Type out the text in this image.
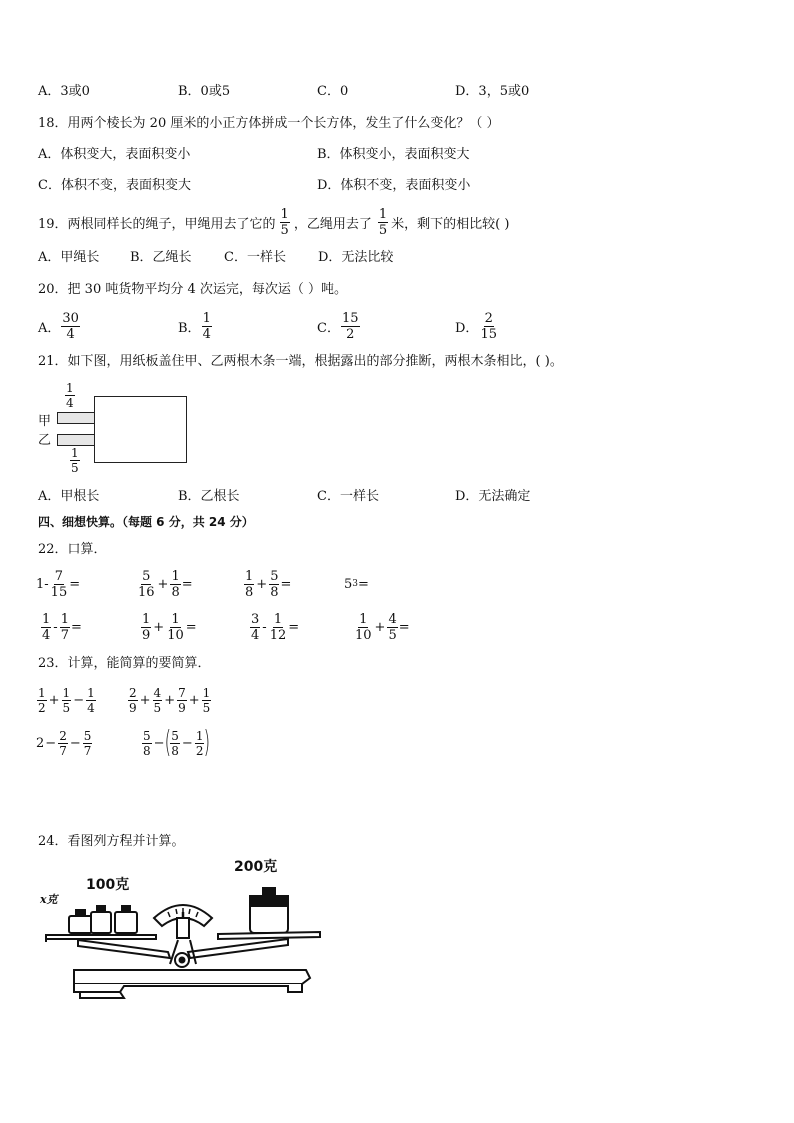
A．3或0	B．0或5	C．0	D．3，5或0
18．用两个棱长为 20 厘米的小正方体拼成一个长方体，发生了什么变化？（ ）
A．体积变大，表面积变小	B．体积变小，表面积变大
C．体积不变，表面积变大	D．体积不变，表面积变小
19．两根同样长的绳子，甲绳用去了它的 $\frac{1}{5}$ ，乙绳用去了 $\frac{1}{5}$ 米，剩下的相比较( )
A．甲绳长 B．乙绳长 C．一样长 D．无法比较
20．把 30 吨货物平均分 4 次运完，每次运（ ）吨。
A． $\frac{30}{4}$	B． $\frac{1}{4}$	C． $\frac{15}{2}$	D． $\frac{2}{15}$
21．如下图，用纸板盖住甲、乙两根木条一端，根据露出的部分推断，两根木条相比，( )。
$\frac{1}{4}$
甲
乙
$\frac{1}{5}$
A．甲根长	B．乙根长	C．一样长	D．无法确定
四、细想快算。（每题 6 分，共 24 分）
22．口算．
$1- \frac{7}{15}$ =	$\frac{5}{16} + \frac{1}{8}$ =	$\frac{1}{8} + \frac{5}{8}$ =	5 3 =
$\frac{1}{4} - \frac{1}{7}$ =	$\frac{1}{9} + \frac{1}{10}$ =	$\frac{3}{4} - \frac{1}{12}$ =	$\frac{1}{10} + \frac{4}{5}$ =
23．计算，能简算的要简算．
$\frac{1}{2} + \frac{1}{5} - \frac{1}{4}$	$\frac{2}{9} + \frac{4}{5} + \frac{7}{9} + \frac{1}{5}$
$2 - \frac{2}{7} - \frac{5}{7}$	$\frac{5}{8}$ − ( $\frac{5}{8} - \frac{1}{2}$ )
24．看图列方程并计算。
x克
100克
200克
